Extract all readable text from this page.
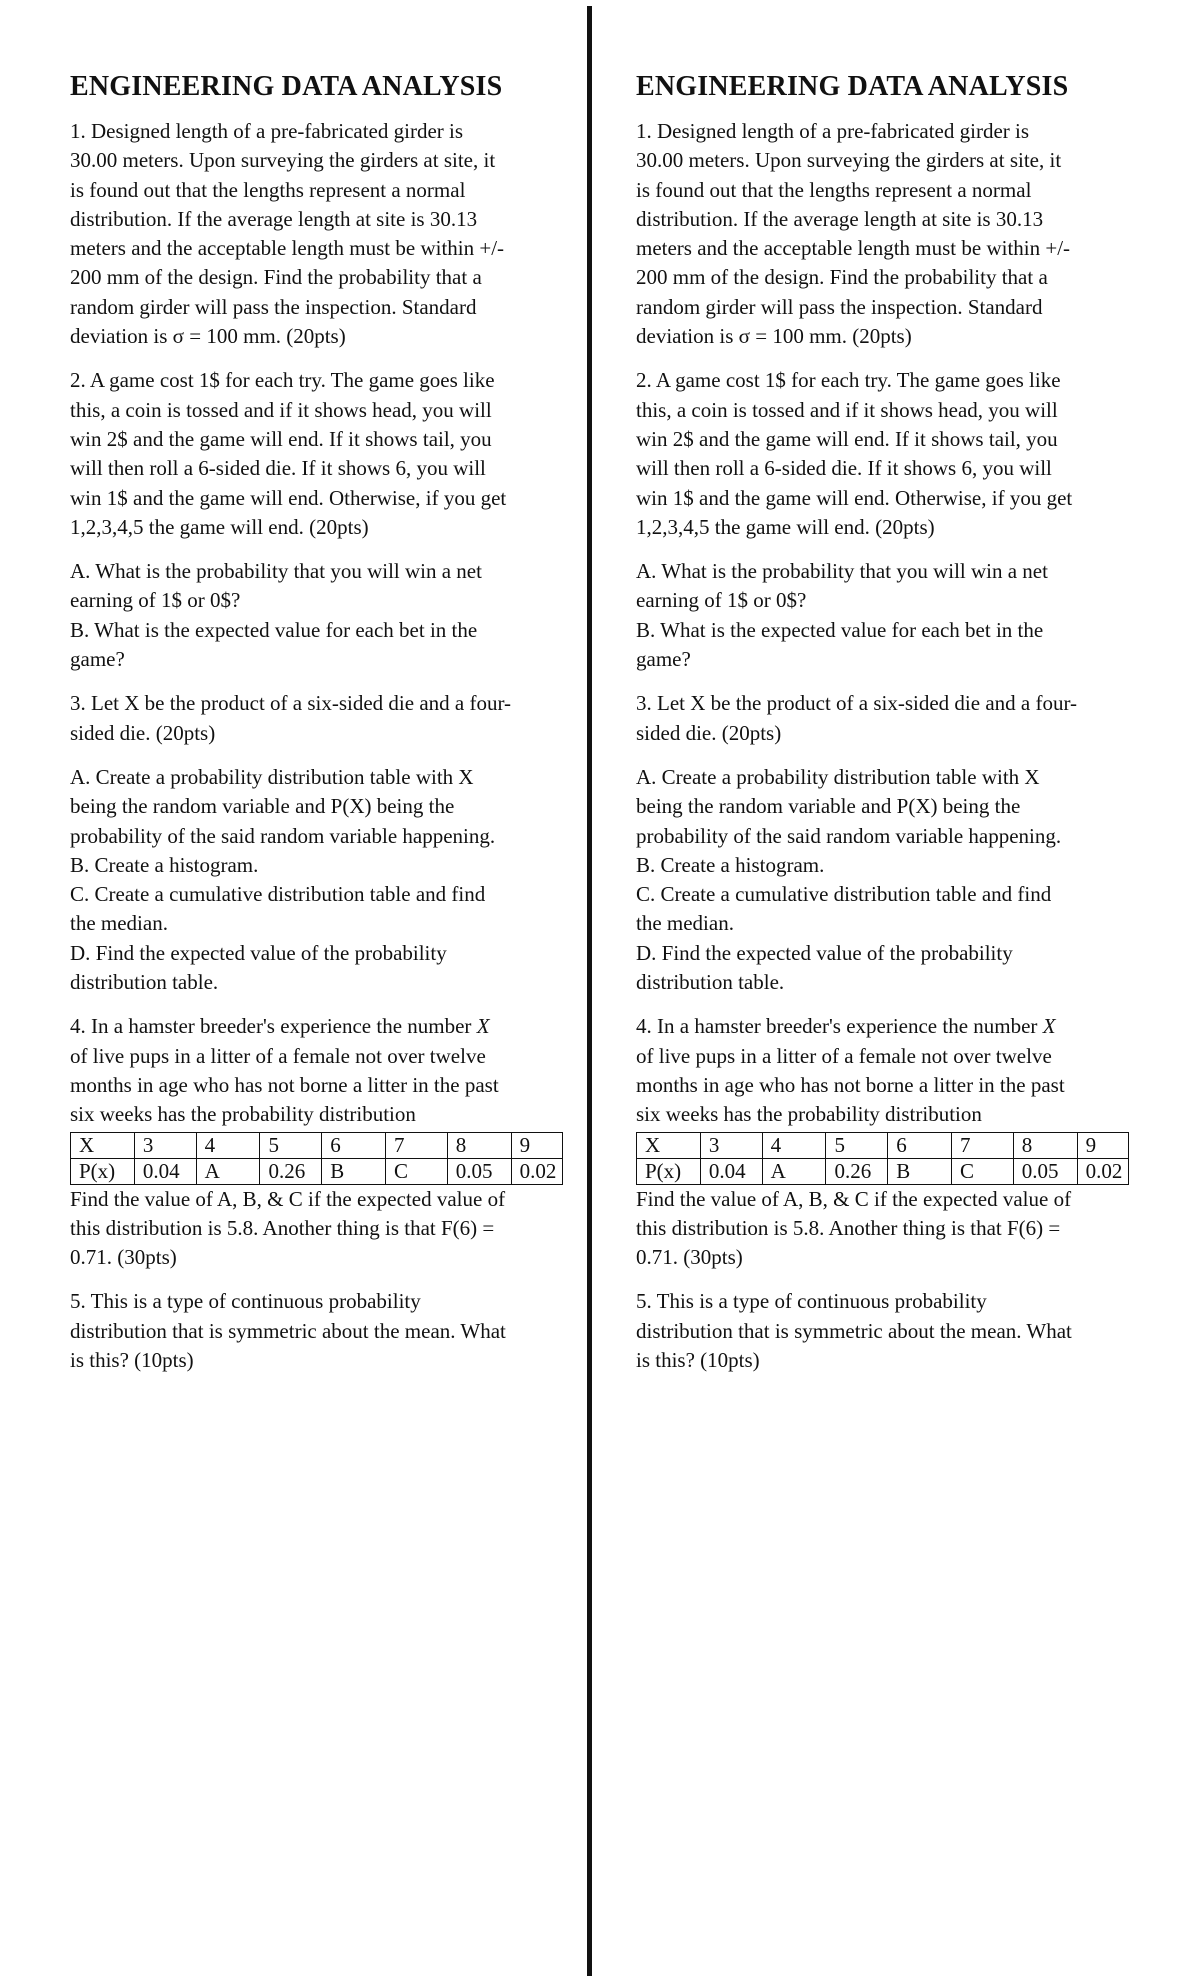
ENGINEERING DATA ANALYSIS
1. Designed length of a pre-fabricated girder is
30.00 meters. Upon surveying the girders at site, it
is found out that the lengths represent a normal
distribution. If the average length at site is 30.13
meters and the acceptable length must be within +/-
200 mm of the design. Find the probability that a
random girder will pass the inspection. Standard
deviation is σ = 100 mm. (20pts)
2. A game cost 1$ for each try. The game goes like
this, a coin is tossed and if it shows head, you will
win 2$ and the game will end. If it shows tail, you
will then roll a 6-sided die. If it shows 6, you will
win 1$ and the game will end. Otherwise, if you get
1,2,3,4,5 the game will end. (20pts)
A. What is the probability that you will win a net
earning of 1$ or 0$?
B. What is the expected value for each bet in the
game?
3. Let X be the product of a six-sided die and a four-
sided die. (20pts)
A. Create a probability distribution table with X
being the random variable and P(X) being the
probability of the said random variable happening.
B. Create a histogram.
C. Create a cumulative distribution table and find
the median.
D. Find the expected value of the probability
distribution table.
4. In a hamster breeder's experience the number X
of live pups in a litter of a female not over twelve
months in age who has not borne a litter in the past
six weeks has the probability distribution
X	3	4	5	6	7	8	9
P(x)	0.04	A	0.26	B	C	0.05	0.02
Find the value of A, B, & C if the expected value of
this distribution is 5.8. Another thing is that F(6) =
0.71. (30pts)
5. This is a type of continuous probability
distribution that is symmetric about the mean. What
is this? (10pts)
ENGINEERING DATA ANALYSIS
1. Designed length of a pre-fabricated girder is
30.00 meters. Upon surveying the girders at site, it
is found out that the lengths represent a normal
distribution. If the average length at site is 30.13
meters and the acceptable length must be within +/-
200 mm of the design. Find the probability that a
random girder will pass the inspection. Standard
deviation is σ = 100 mm. (20pts)
2. A game cost 1$ for each try. The game goes like
this, a coin is tossed and if it shows head, you will
win 2$ and the game will end. If it shows tail, you
will then roll a 6-sided die. If it shows 6, you will
win 1$ and the game will end. Otherwise, if you get
1,2,3,4,5 the game will end. (20pts)
A. What is the probability that you will win a net
earning of 1$ or 0$?
B. What is the expected value for each bet in the
game?
3. Let X be the product of a six-sided die and a four-
sided die. (20pts)
A. Create a probability distribution table with X
being the random variable and P(X) being the
probability of the said random variable happening.
B. Create a histogram.
C. Create a cumulative distribution table and find
the median.
D. Find the expected value of the probability
distribution table.
4. In a hamster breeder's experience the number X
of live pups in a litter of a female not over twelve
months in age who has not borne a litter in the past
six weeks has the probability distribution
X	3	4	5	6	7	8	9
P(x)	0.04	A	0.26	B	C	0.05	0.02
Find the value of A, B, & C if the expected value of
this distribution is 5.8. Another thing is that F(6) =
0.71. (30pts)
5. This is a type of continuous probability
distribution that is symmetric about the mean. What
is this? (10pts)
